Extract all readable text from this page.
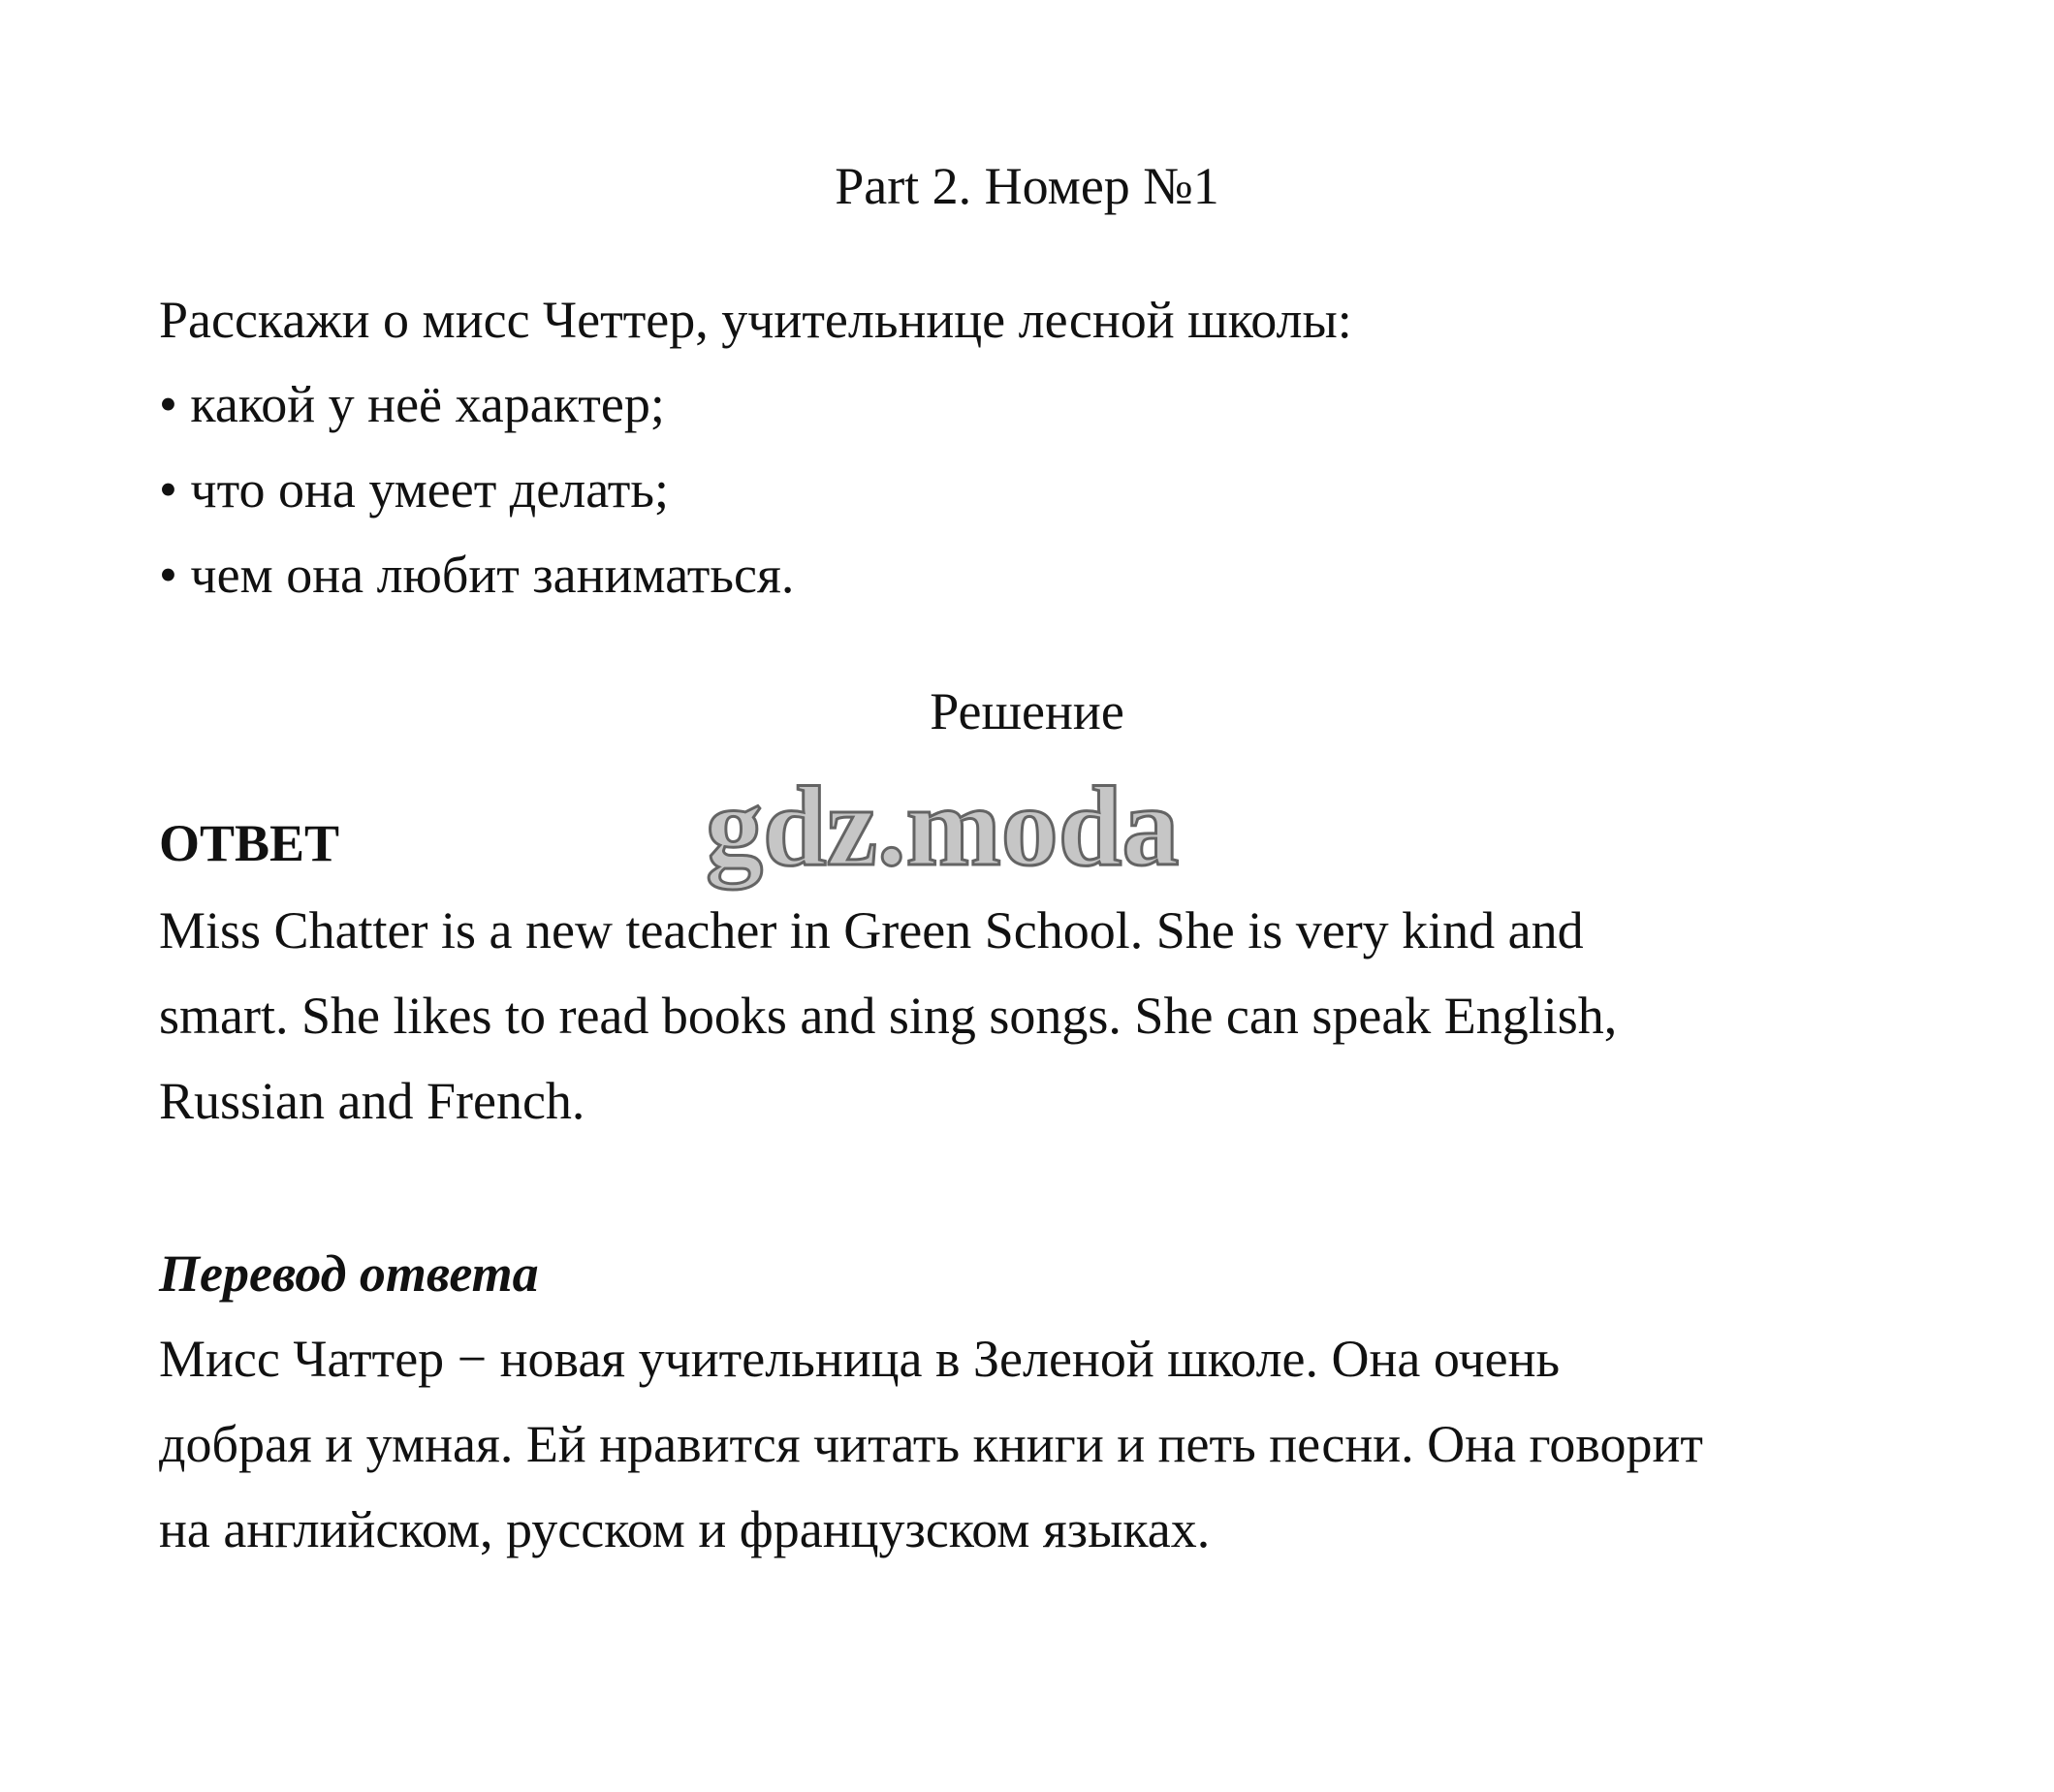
Part 2. Номер №1
Расскажи о мисс Четтер, учительнице лесной школы:
• какой у неё характер;
• что она умеет делать;
• чем она любит заниматься.
Решение
ОТВЕТ	gdz.moda
Miss Chatter is a new teacher in Green School. She is very kind and
smart. She likes to read books and sing songs. She can speak English,
Russian and French.
Перевод ответа
Мисс Чаттер − новая учительница в Зеленой школе. Она очень
добрая и умная. Ей нравится читать книги и петь песни. Она говорит
на английском, русском и французском языках.
